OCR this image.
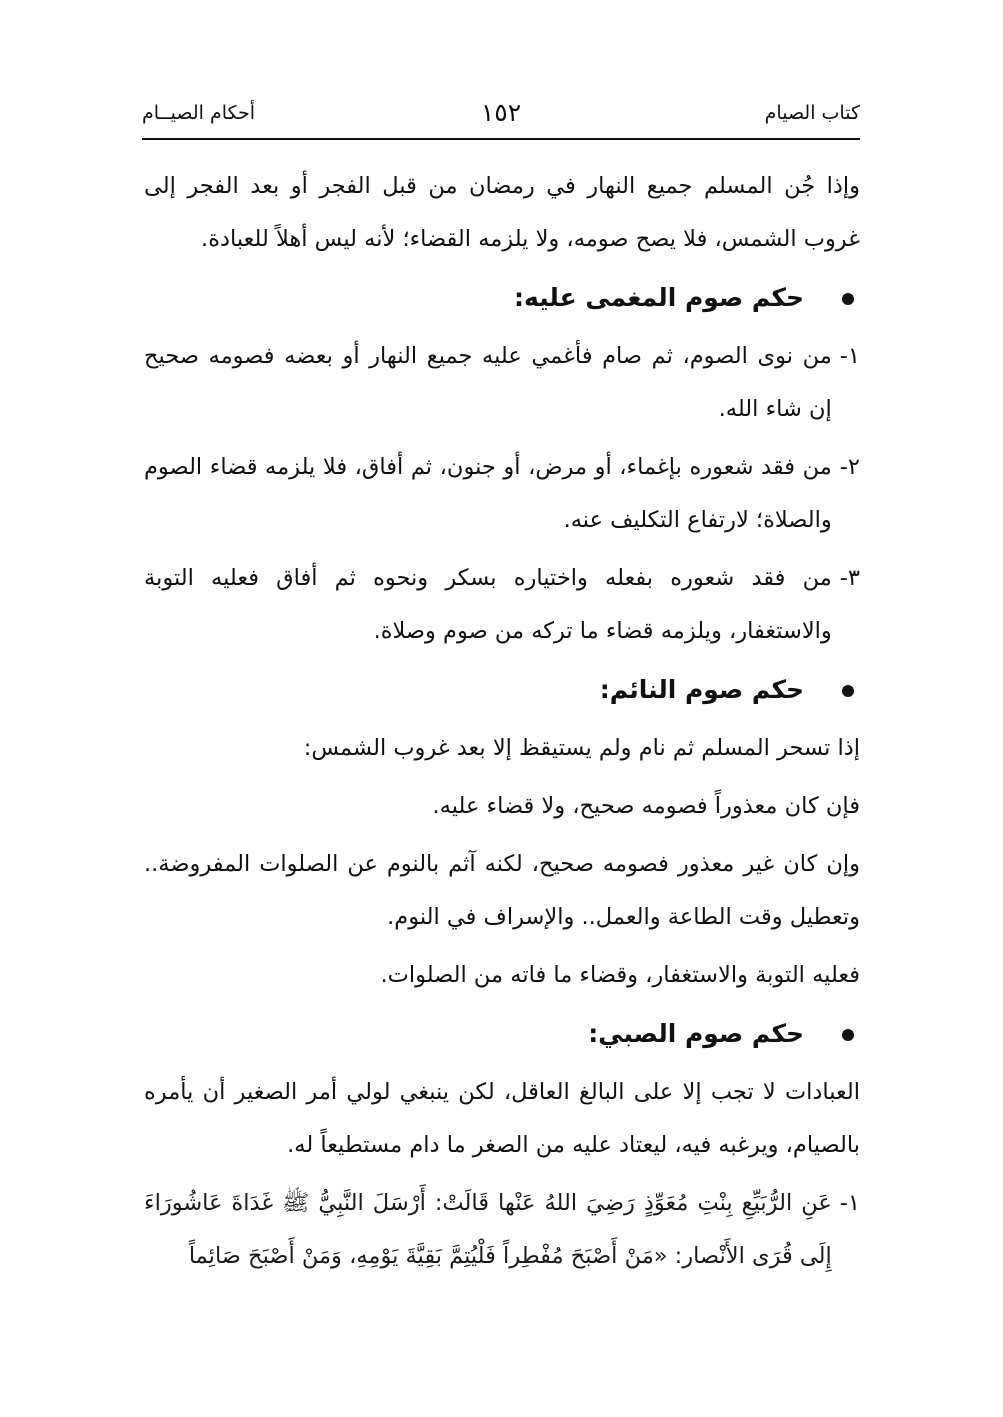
كتاب الصيام
١٥٢
أحكام الصيــام

وإذا جُن المسلم جميع النهار في رمضان من قبل الفجر أو بعد الفجر إلى غروب الشمس، فلا يصح صومه، ولا يلزمه القضاء؛ لأنه ليس أهلاً للعبادة.

حكم صوم المغمى عليه:
١-
من نوى الصوم، ثم صام فأغمي عليه جميع النهار أو بعضه فصومه صحيح إن شاء الله.
٢-
من فقد شعوره بإغماء، أو مرض، أو جنون، ثم أفاق، فلا يلزمه قضاء الصوم والصلاة؛ لارتفاع التكليف عنه.
٣-
من فقد شعوره بفعله واختياره بسكر ونحوه ثم أفاق فعليه التوبة والاستغفار، ويلزمه قضاء ما تركه من صوم وصلاة.
حكم صوم النائم:

إذا تسحر المسلم ثم نام ولم يستيقظ إلا بعد غروب الشمس:

فإن كان معذوراً فصومه صحيح، ولا قضاء عليه.

وإن كان غير معذور فصومه صحيح، لكنه آثم بالنوم عن الصلوات المفروضة.. وتعطيل وقت الطاعة والعمل.. والإسراف في النوم.

فعليه التوبة والاستغفار، وقضاء ما فاته من الصلوات.

حكم صوم الصبي:

العبادات لا تجب إلا على البالغ العاقل، لكن ينبغي لولي أمر الصغير أن يأمره بالصيام، ويرغبه فيه، ليعتاد عليه من الصغر ما دام مستطيعاً له.

١-
عَنِ الرُّبَيِّعِ بِنْتِ مُعَوِّذٍ رَضِيَ اللهُ عَنْها قَالَتْ: أَرْسَلَ النَّبِيُّ ﷺ غَدَاةَ عَاشُورَاءَ إِلَى قُرَى الأَنْصار: «مَنْ أَصْبَحَ مُفْطِراً فَلْيُتِمَّ بَقِيَّةَ يَوْمِهِ، وَمَنْ أَصْبَحَ صَائِماً
